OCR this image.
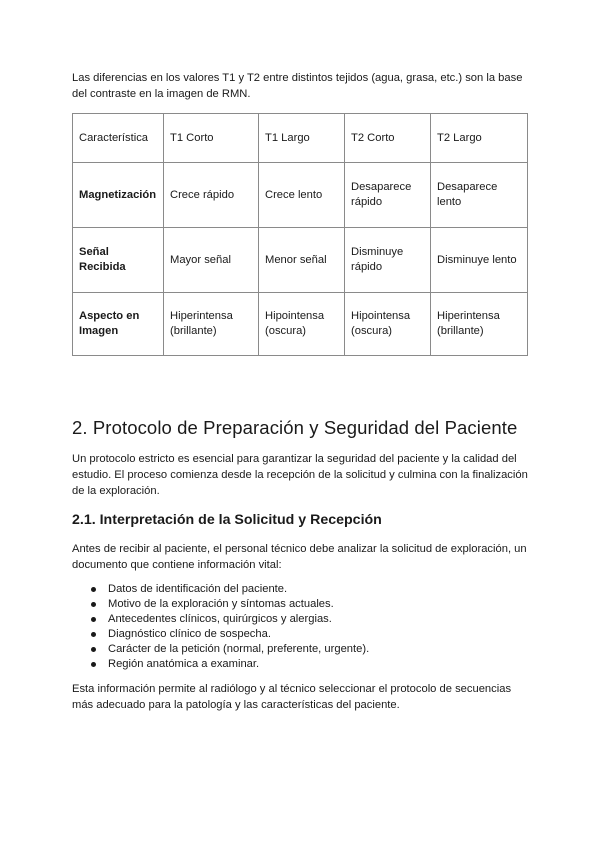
Las diferencias en los valores T1 y T2 entre distintos tejidos (agua, grasa, etc.) son la base del contraste en la imagen de RMN.

Característica	T1 Corto	T1 Largo	T2 Corto	T2 Largo
Magnetización	Crece rápido	Crece lento	Desaparece rápido	Desaparece lento
Señal Recibida	Mayor señal	Menor señal	Disminuye rápido	Disminuye lento
Aspecto en Imagen	Hiperintensa (brillante)	Hipointensa (oscura)	Hipointensa (oscura)	Hiperintensa (brillante)
2. Protocolo de Preparación y Seguridad del Paciente

Un protocolo estricto es esencial para garantizar la seguridad del paciente y la calidad del estudio. El proceso comienza desde la recepción de la solicitud y culmina con la finalización de la exploración.

2.1. Interpretación de la Solicitud y Recepción

Antes de recibir al paciente, el personal técnico debe analizar la solicitud de exploración, un documento que contiene información vital:

Datos de identificación del paciente.
Motivo de la exploración y síntomas actuales.
Antecedentes clínicos, quirúrgicos y alergias.
Diagnóstico clínico de sospecha.
Carácter de la petición (normal, preferente, urgente).
Región anatómica a examinar.

Esta información permite al radiólogo y al técnico seleccionar el protocolo de secuencias más adecuado para la patología y las características del paciente.
